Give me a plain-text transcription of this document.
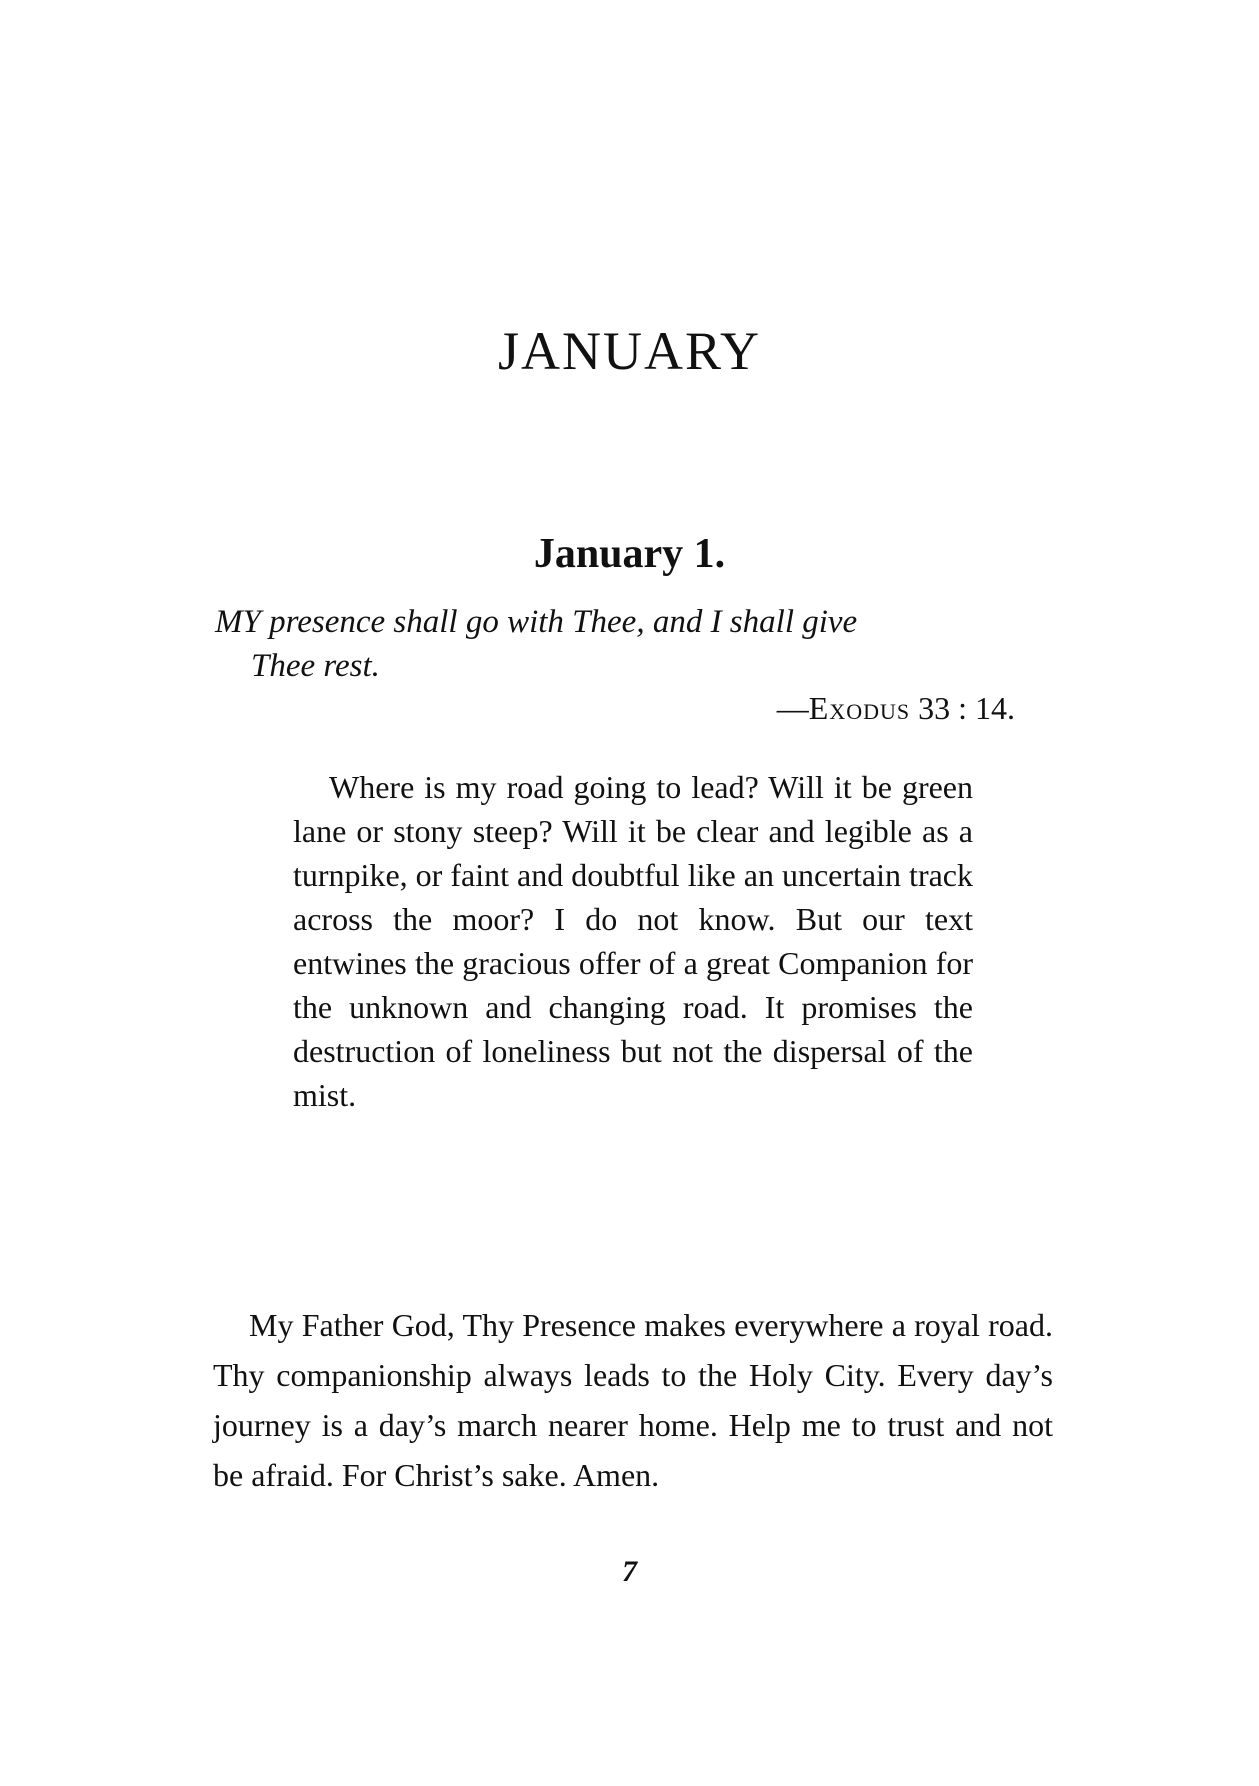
JANUARY
January 1.

MY presence shall go with Thee, and I shall give
Thee rest.

—Exodus 33 : 14.

Where is my road going to lead? Will it be green lane or stony steep? Will it be clear and legible as a turnpike, or faint and doubtful like an uncertain track across the moor? I do not know. But our text entwines the gracious offer of a great Companion for the unknown and changing road. It promises the destruction of loneliness but not the dispersal of the mist.

My Father God, Thy Presence makes everywhere a royal road. Thy companionship always leads to the Holy City. Every day’s journey is a day’s march nearer home. Help me to trust and not be afraid. For Christ’s sake. Amen.

7
